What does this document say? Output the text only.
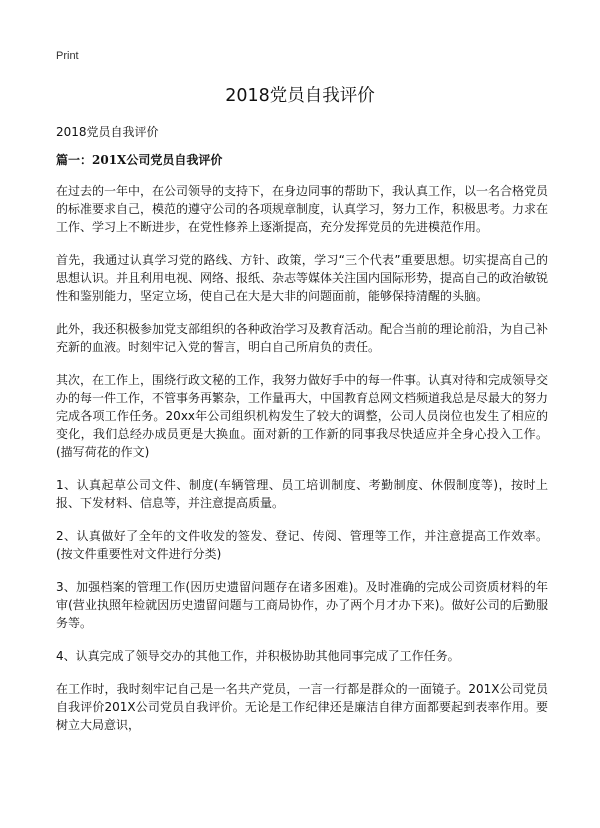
Print
2018党员自我评价
2018党员自我评价
篇一：201X公司党员自我评价

在过去的一年中，在公司领导的支持下，在身边同事的帮助下，我认真工作，以一名合格党员的标准要求自己，模范的遵守公司的各项规章制度，认真学习，努力工作，积极思考。力求在工作、学习上不断进步，在党性修养上逐渐提高，充分发挥党员的先进模范作用。

首先，我通过认真学习党的路线、方针、政策，学习“三个代表”重要思想。切实提高自己的思想认识。并且利用电视、网络、报纸、杂志等媒体关注国内国际形势，提高自己的政治敏锐性和鉴别能力，坚定立场，使自己在大是大非的问题面前，能够保持清醒的头脑。

此外，我还积极参加党支部组织的各种政治学习及教育活动。配合当前的理论前沿，为自己补充新的血液。时刻牢记入党的誓言，明白自己所肩负的责任。

其次，在工作上，围绕行政文秘的工作，我努力做好手中的每一件事。认真对待和完成领导交办的每一件工作，不管事务再繁杂，工作量再大，中国教育总网文档频道我总是尽最大的努力完成各项工作任务。20xx年公司组织机构发生了较大的调整，公司人员岗位也发生了相应的变化，我们总经办成员更是大换血。面对新的工作新的同事我尽快适应并全身心投入工作。(描写荷花的作文)

1、认真起草公司文件、制度(车辆管理、员工培训制度、考勤制度、休假制度等)，按时上报、下发材料、信息等，并注意提高质量。

2、认真做好了全年的文件收发的签发、登记、传阅、管理等工作，并注意提高工作效率。(按文件重要性对文件进行分类)

3、加强档案的管理工作(因历史遗留问题存在诸多困难)。及时准确的完成公司资质材料的年审(营业执照年检就因历史遗留问题与工商局协作，办了两个月才办下来)。做好公司的后勤服务等。

4、认真完成了领导交办的其他工作，并积极协助其他同事完成了工作任务。

在工作时，我时刻牢记自己是一名共产党员，一言一行都是群众的一面镜子。201X公司党员自我评价201X公司党员自我评价。无论是工作纪律还是廉洁自律方面都要起到表率作用。要树立大局意识，
